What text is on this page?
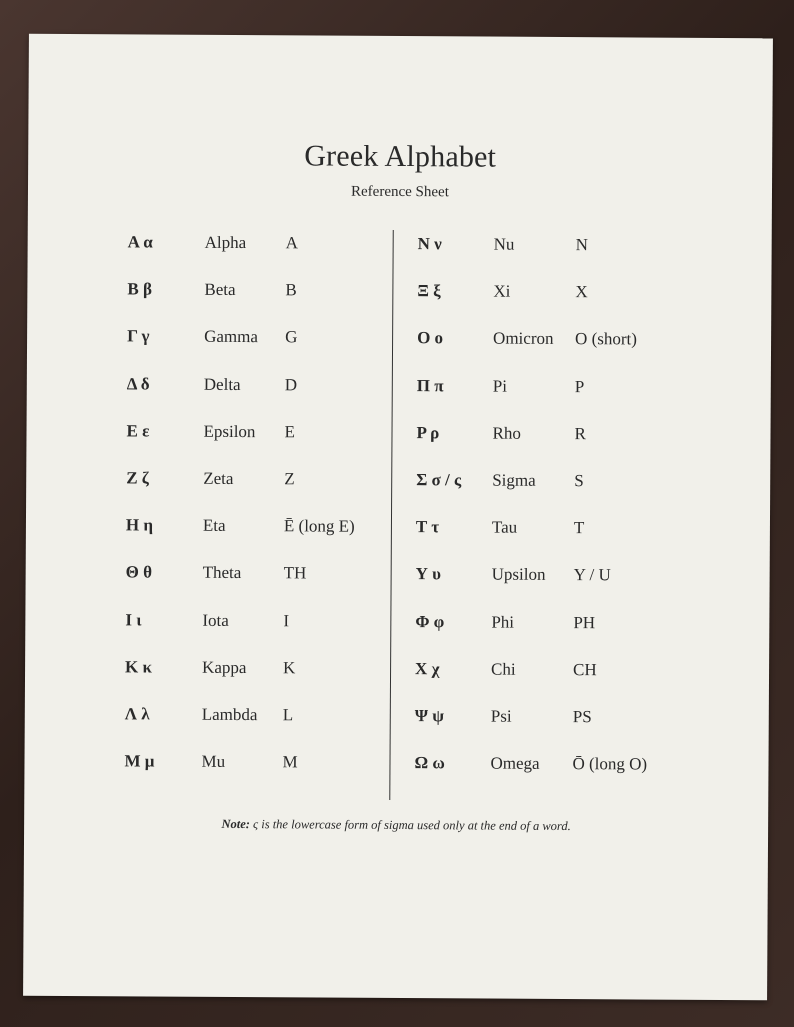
Greek Alphabet
Reference Sheet
Α α	Alpha A
Β β	Beta	B
Γ γ	Gamma G
Δ δ	Delta	D
Ε ε	Epsilon E
Ζ ζ	Zeta	Z
Η η	Eta	Ē (long E)
Θ θ	Theta TH
Ι ι	Iota	I
Κ κ	Kappa K
Λ λ	Lambda L
Μ μ	Mu	M
Ν ν	Nu	N
Ξ ξ	Xi	X
Ο ο	Omicron O (short)
Π π	Pi	P
Ρ ρ	Rho	R
Σ σ / ς Sigma S
Τ τ	Tau	T
Υ υ	Upsilon Y / U
Φ φ	Phi	PH
Χ χ	Chi	CH
Ψ ψ	Psi	PS
Ω ω	Omega Ō (long O)
Note: ς is the lowercase form of sigma used only at the end of a word.
